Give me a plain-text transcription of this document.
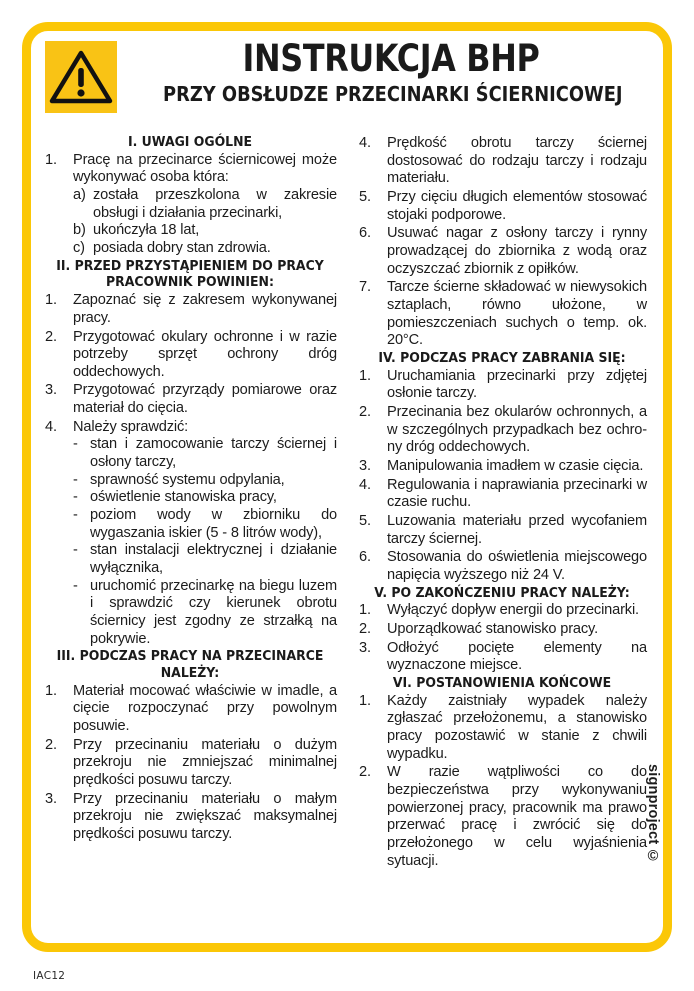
INSTRUKCJA BHP
PRZY OBSŁUDZE PRZECINARKI ŚCIERNICOWEJ
I. UWAGI OGÓLNE
1.	Pracę na przecinarce ściernicowej może wykonywać osoba która:
a) została przeszkolona w zakresie obsługi i działania przecinarki,
b) ukończyła 18 lat,
c) posiada dobry stan zdrowia.
II. PRZED PRZYSTĄPIENIEM DO PRACY
PRACOWNIK POWINIEN:
1.	Zapoznać się z zakresem wykonywanej pracy.
2.	Przygotować okulary ochronne i w razie potrzeby sprzęt ochrony dróg oddechowych.
3.	Przygotować przyrządy pomiarowe oraz materiał do cięcia.
4.	Należy sprawdzić:
- stan i zamocowanie tarczy ściernej i osłony tarczy,
- sprawność systemu odpylania,
- oświetlenie stanowiska pracy,
- poziom wody w zbiorniku do wygaszania iskier (5 - 8 litrów wody),
- stan instalacji elektrycznej i działanie wyłącznika,
- uruchomić przecinarkę na biegu luzem i sprawdzić czy kierunek obrotu ściernicy jest zgodny ze strzałką na pokrywie.
III. PODCZAS PRACY NA PRZECINARCE
NALEŻY:
1.	Materiał mocować właściwie w imadle, a cięcie rozpoczynać przy powolnym posuwie.
2.	Przy przecinaniu materiału o dużym przekroju nie zmniejszać minimalnej prędkości posuwu tarczy.
3.	Przy przecinaniu materiału o małym przekroju nie zwiększać maksymalnej prędkości posuwu tarczy.
4.	Prędkość obrotu tarczy ściernej dostosować do rodzaju tarczy i rodzaju materiału.
5.	Przy cięciu długich elementów stosować stojaki podporowe.
6.	Usuwać nagar z osłony tarczy i rynny prowadzącej do zbiornika z wodą oraz oczyszczać zbiornik z opiłków.
7.	Tarcze ścierne składować w niewysokich sztaplach, równo ułożone, w pomieszczeniach suchych o temp. ok. 20°C.
IV. PODCZAS PRACY ZABRANIA SIĘ:
1.	Uruchamiania przecinarki przy zdjętej osłonie tarczy.
2.	Przecinania bez okularów ochronnych, a w szczególnych przypadkach bez ochro-ny dróg oddechowych.
3.	Manipulowania imadłem w czasie cięcia.
4.	Regulowania i naprawiania przecinarki w czasie ruchu.
5.	Luzowania materiału przed wycofaniem tarczy ściernej.
6.	Stosowania do oświetlenia miejscowego napięcia wyższego niż 24 V.
V. PO ZAKOŃCZENIU PRACY NALEŻY:
1.	Wyłączyć dopływ energii do przecinarki.
2.	Uporządkować stanowisko pracy.
3.	Odłożyć pocięte elementy na wyznaczone miejsce.
VI. POSTANOWIENIA KOŃCOWE
1.	Każdy zaistniały wypadek należy zgłaszać przełożonemu, a stanowisko pracy pozostawić w stanie z chwili wypadku.
2.	W razie wątpliwości co do bezpieczeństwa przy wykonywaniu powierzonej pracy, pracownik ma prawo przerwać pracę i zwrócić się do przełożonego w celu wyjaśnienia sytuacji.	signproject ©
IAC12
